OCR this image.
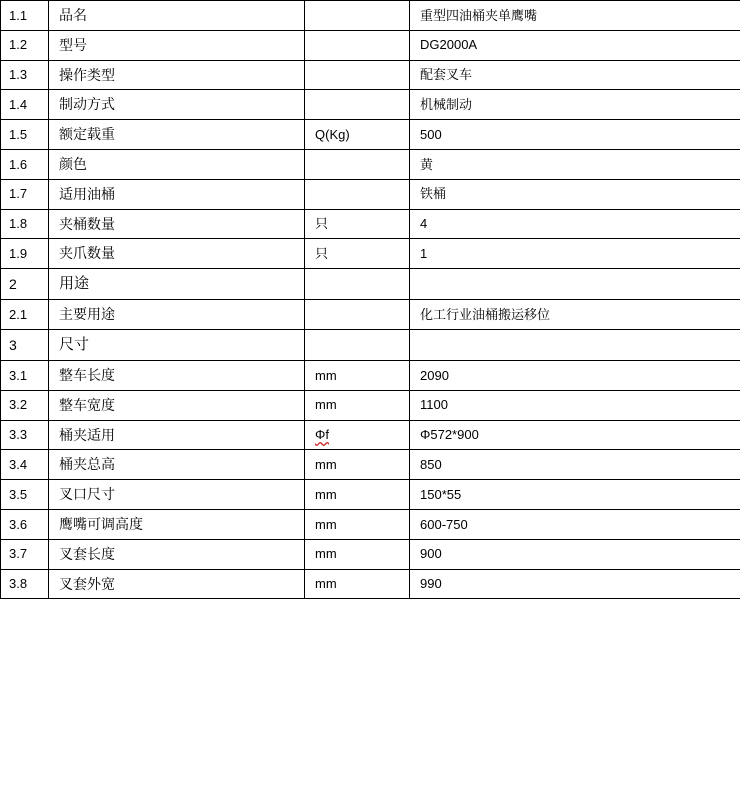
1.1	品名		重型四油桶夹单鹰嘴
1.2	型号		DG2000A
1.3	操作类型		配套叉车
1.4	制动方式		机械制动
1.5	额定载重	Q(Kg)	500
1.6	颜色		黄
1.7	适用油桶		铁桶
1.8	夹桶数量	只	4
1.9	夹爪数量	只	1
2	用途		
2.1	主要用途		化工行业油桶搬运移位
3	尺寸		
3.1	整车长度	mm	2090
3.2	整车宽度	mm	1100
3.3	桶夹适用	Φf	Φ572*900
3.4	桶夹总高	mm	850
3.5	叉口尺寸	mm	150*55
3.6	鹰嘴可调高度	mm	600-750
3.7	叉套长度	mm	900
3.8	叉套外宽	mm	990
